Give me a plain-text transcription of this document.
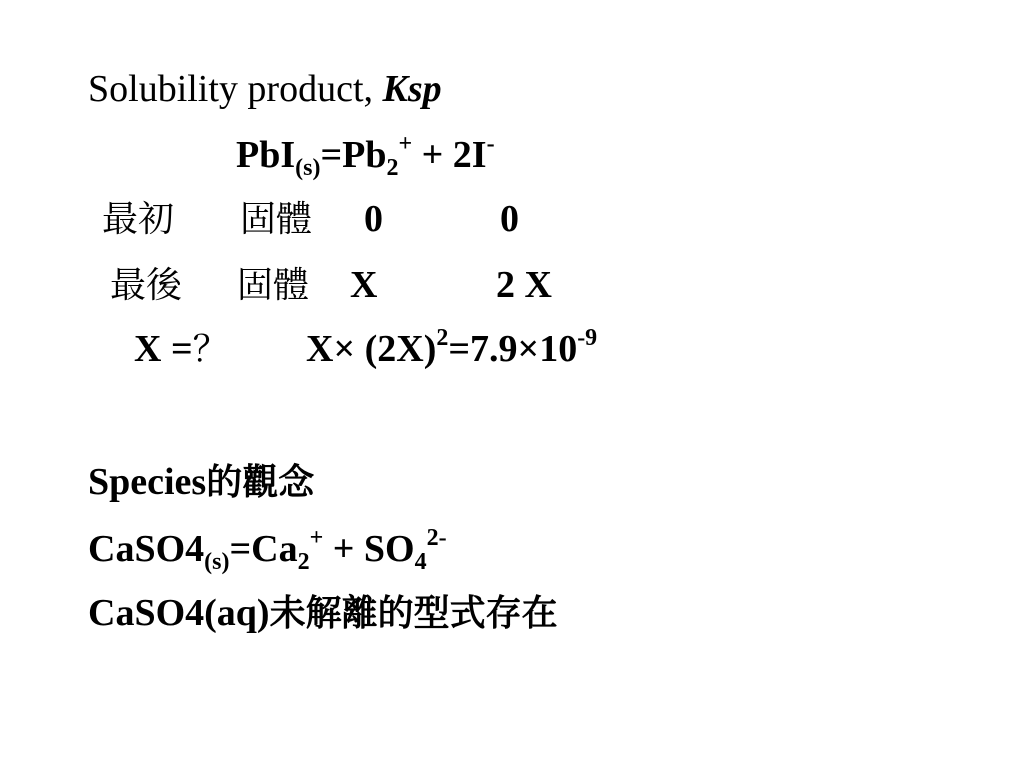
Solubility product, Ksp
$PbI_{(s)}=Pb_2^+ + 2I^-$
最初 固體 0	0
最後 固體 X	2 X
X =？ $X\times (2X)^2=7.9\times 10^{-9}$
Species的觀念
$CaSO4_{(s)}=Ca_2^+ + SO_4^{2-}$
CaSO4(aq)未解離的型式存在
